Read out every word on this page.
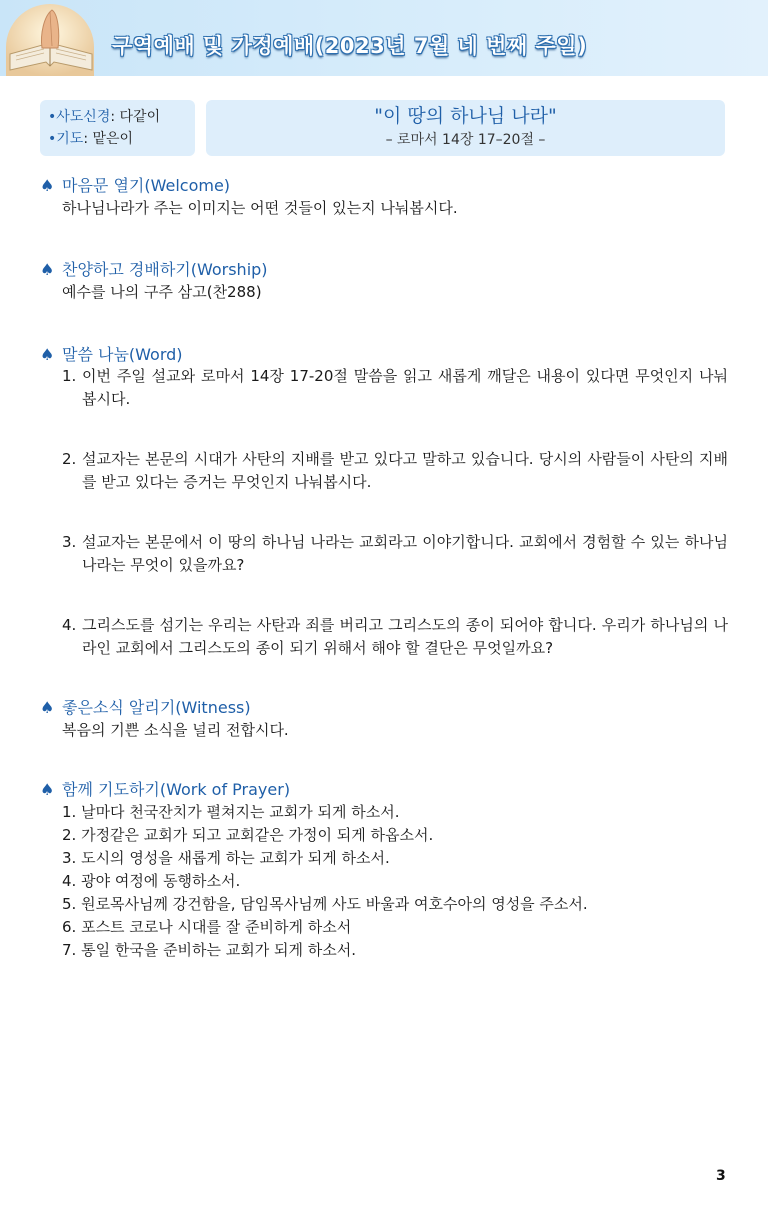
구역예배 및 가정예배(2023년 7월 네 번째 주일)
•사도신경: 다같이
•기도: 맡은이
"이 땅의 하나님 나라"
– 로마서 14장 17–20절 –
♠ 마음문 열기(Welcome)
하나님나라가 주는 이미지는 어떤 것들이 있는지 나눠봅시다.
♠ 찬양하고 경배하기(Worship)
예수를 나의 구주 삼고(찬288)
♠ 말씀 나눔(Word)
1. 이번 주일 설교와 로마서 14장 17-20절 말씀을 읽고 새롭게 깨달은 내용이 있다면 무엇인지 나눠봅시다.
2. 설교자는 본문의 시대가 사탄의 지배를 받고 있다고 말하고 있습니다. 당시의 사람들이 사탄의 지배를 받고 있다는 증거는 무엇인지 나눠봅시다.
3. 설교자는 본문에서 이 땅의 하나님 나라는 교회라고 이야기합니다. 교회에서 경험할 수 있는 하나님 나라는 무엇이 있을까요?
4. 그리스도를 섬기는 우리는 사탄과 죄를 버리고 그리스도의 종이 되어야 합니다. 우리가 하나님의 나라인 교회에서 그리스도의 종이 되기 위해서 해야 할 결단은 무엇일까요?
♠ 좋은소식 알리기(Witness)
복음의 기쁜 소식을 널리 전합시다.
♠ 함께 기도하기(Work of Prayer)
1. 날마다 천국잔치가 펼쳐지는 교회가 되게 하소서.
2. 가정같은 교회가 되고 교회같은 가정이 되게 하옵소서.
3. 도시의 영성을 새롭게 하는 교회가 되게 하소서.
4. 광야 여정에 동행하소서.
5. 원로목사님께 강건함을, 담임목사님께 사도 바울과 여호수아의 영성을 주소서.
6. 포스트 코로나 시대를 잘 준비하게 하소서
7. 통일 한국을 준비하는 교회가 되게 하소서.
3
